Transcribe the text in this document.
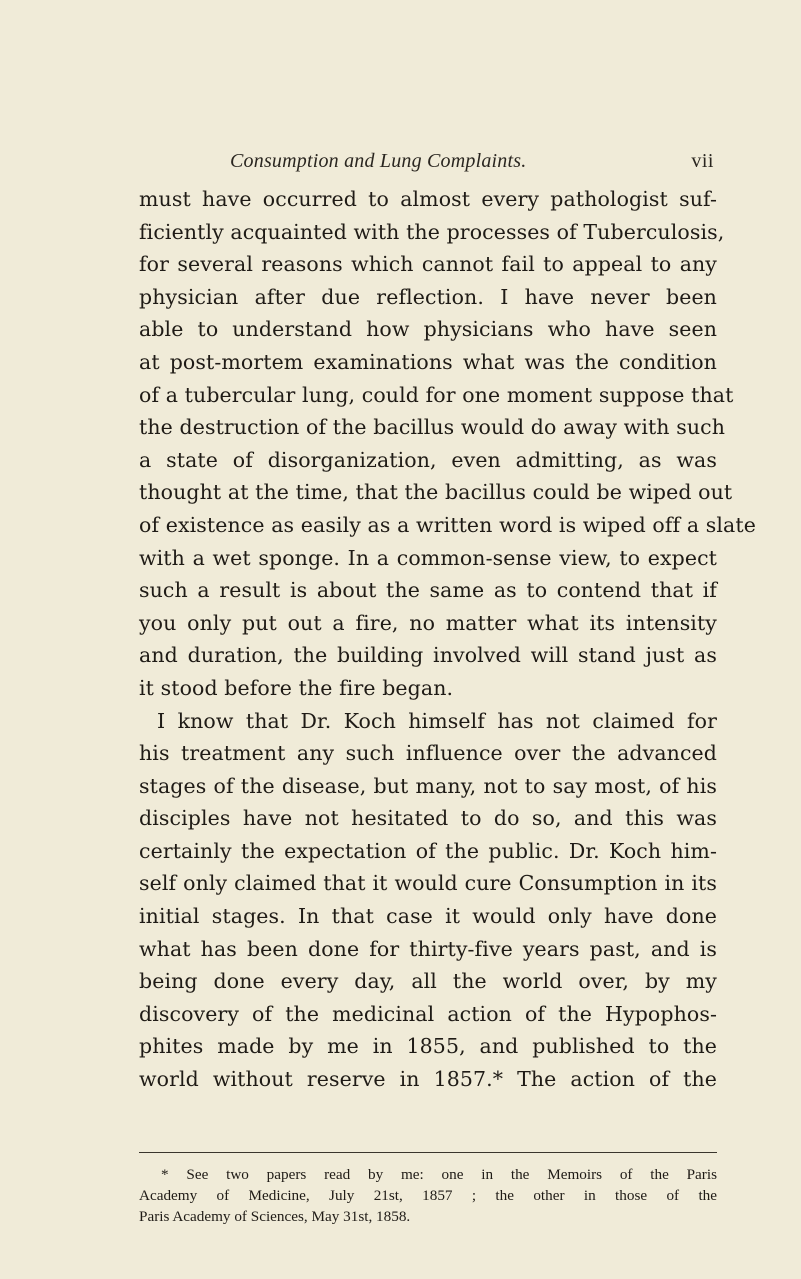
Consumption and Lung Complaints.	vii
must have occurred to almost every pathologist suf-
ficiently acquainted with the processes of Tuberculosis,
for several reasons which cannot fail to appeal to any
physician after due reflection. I have never been
able to understand how physicians who have seen
at post-mortem examinations what was the condition
of a tubercular lung, could for one moment suppose that
the destruction of the bacillus would do away with such
a state of disorganization, even admitting, as was
thought at the time, that the bacillus could be wiped out
of existence as easily as a written word is wiped off a slate
with a wet sponge. In a common-sense view, to expect
such a result is about the same as to contend that if
you only put out a fire, no matter what its intensity
and duration, the building involved will stand just as
it stood before the fire began.
I know that Dr. Koch himself has not claimed for
his treatment any such influence over the advanced
stages of the disease, but many, not to say most, of his
disciples have not hesitated to do so, and this was
certainly the expectation of the public. Dr. Koch him-
self only claimed that it would cure Consumption in its
initial stages. In that case it would only have done
what has been done for thirty-five years past, and is
being done every day, all the world over, by my
discovery of the medicinal action of the Hypophos-
phites made by me in 1855, and published to the
world without reserve in 1857.* The action of the
* See two papers read by me: one in the Memoirs of the Paris
Academy of Medicine, July 21st, 1857 ; the other in those of the
Paris Academy of Sciences, May 31st, 1858.
